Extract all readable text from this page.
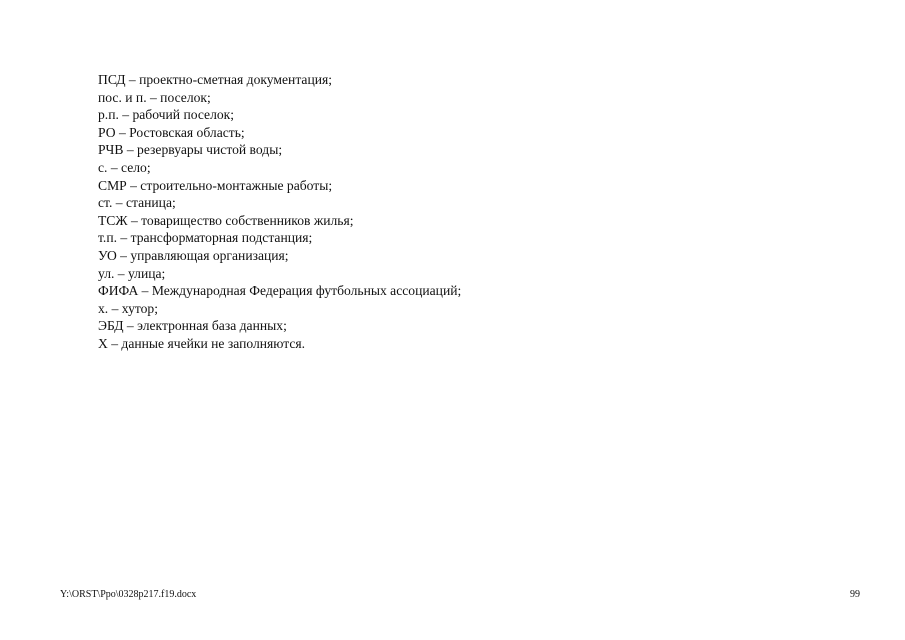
ПСД – проектно-сметная документация;
пос. и п. – поселок;
р.п. – рабочий поселок;
РО – Ростовская область;
РЧВ – резервуары чистой воды;
с. – село;
СМР – строительно-монтажные работы;
ст. – станица;
ТСЖ – товарищество собственников жилья;
т.п. – трансформаторная подстанция;
УО – управляющая организация;
ул. – улица;
ФИФА – Международная Федерация футбольных ассоциаций;
х. – хутор;
ЭБД – электронная база данных;
Х – данные ячейки не заполняются.
Y:\ORST\Ppo\0328p217.f19.docx	99
